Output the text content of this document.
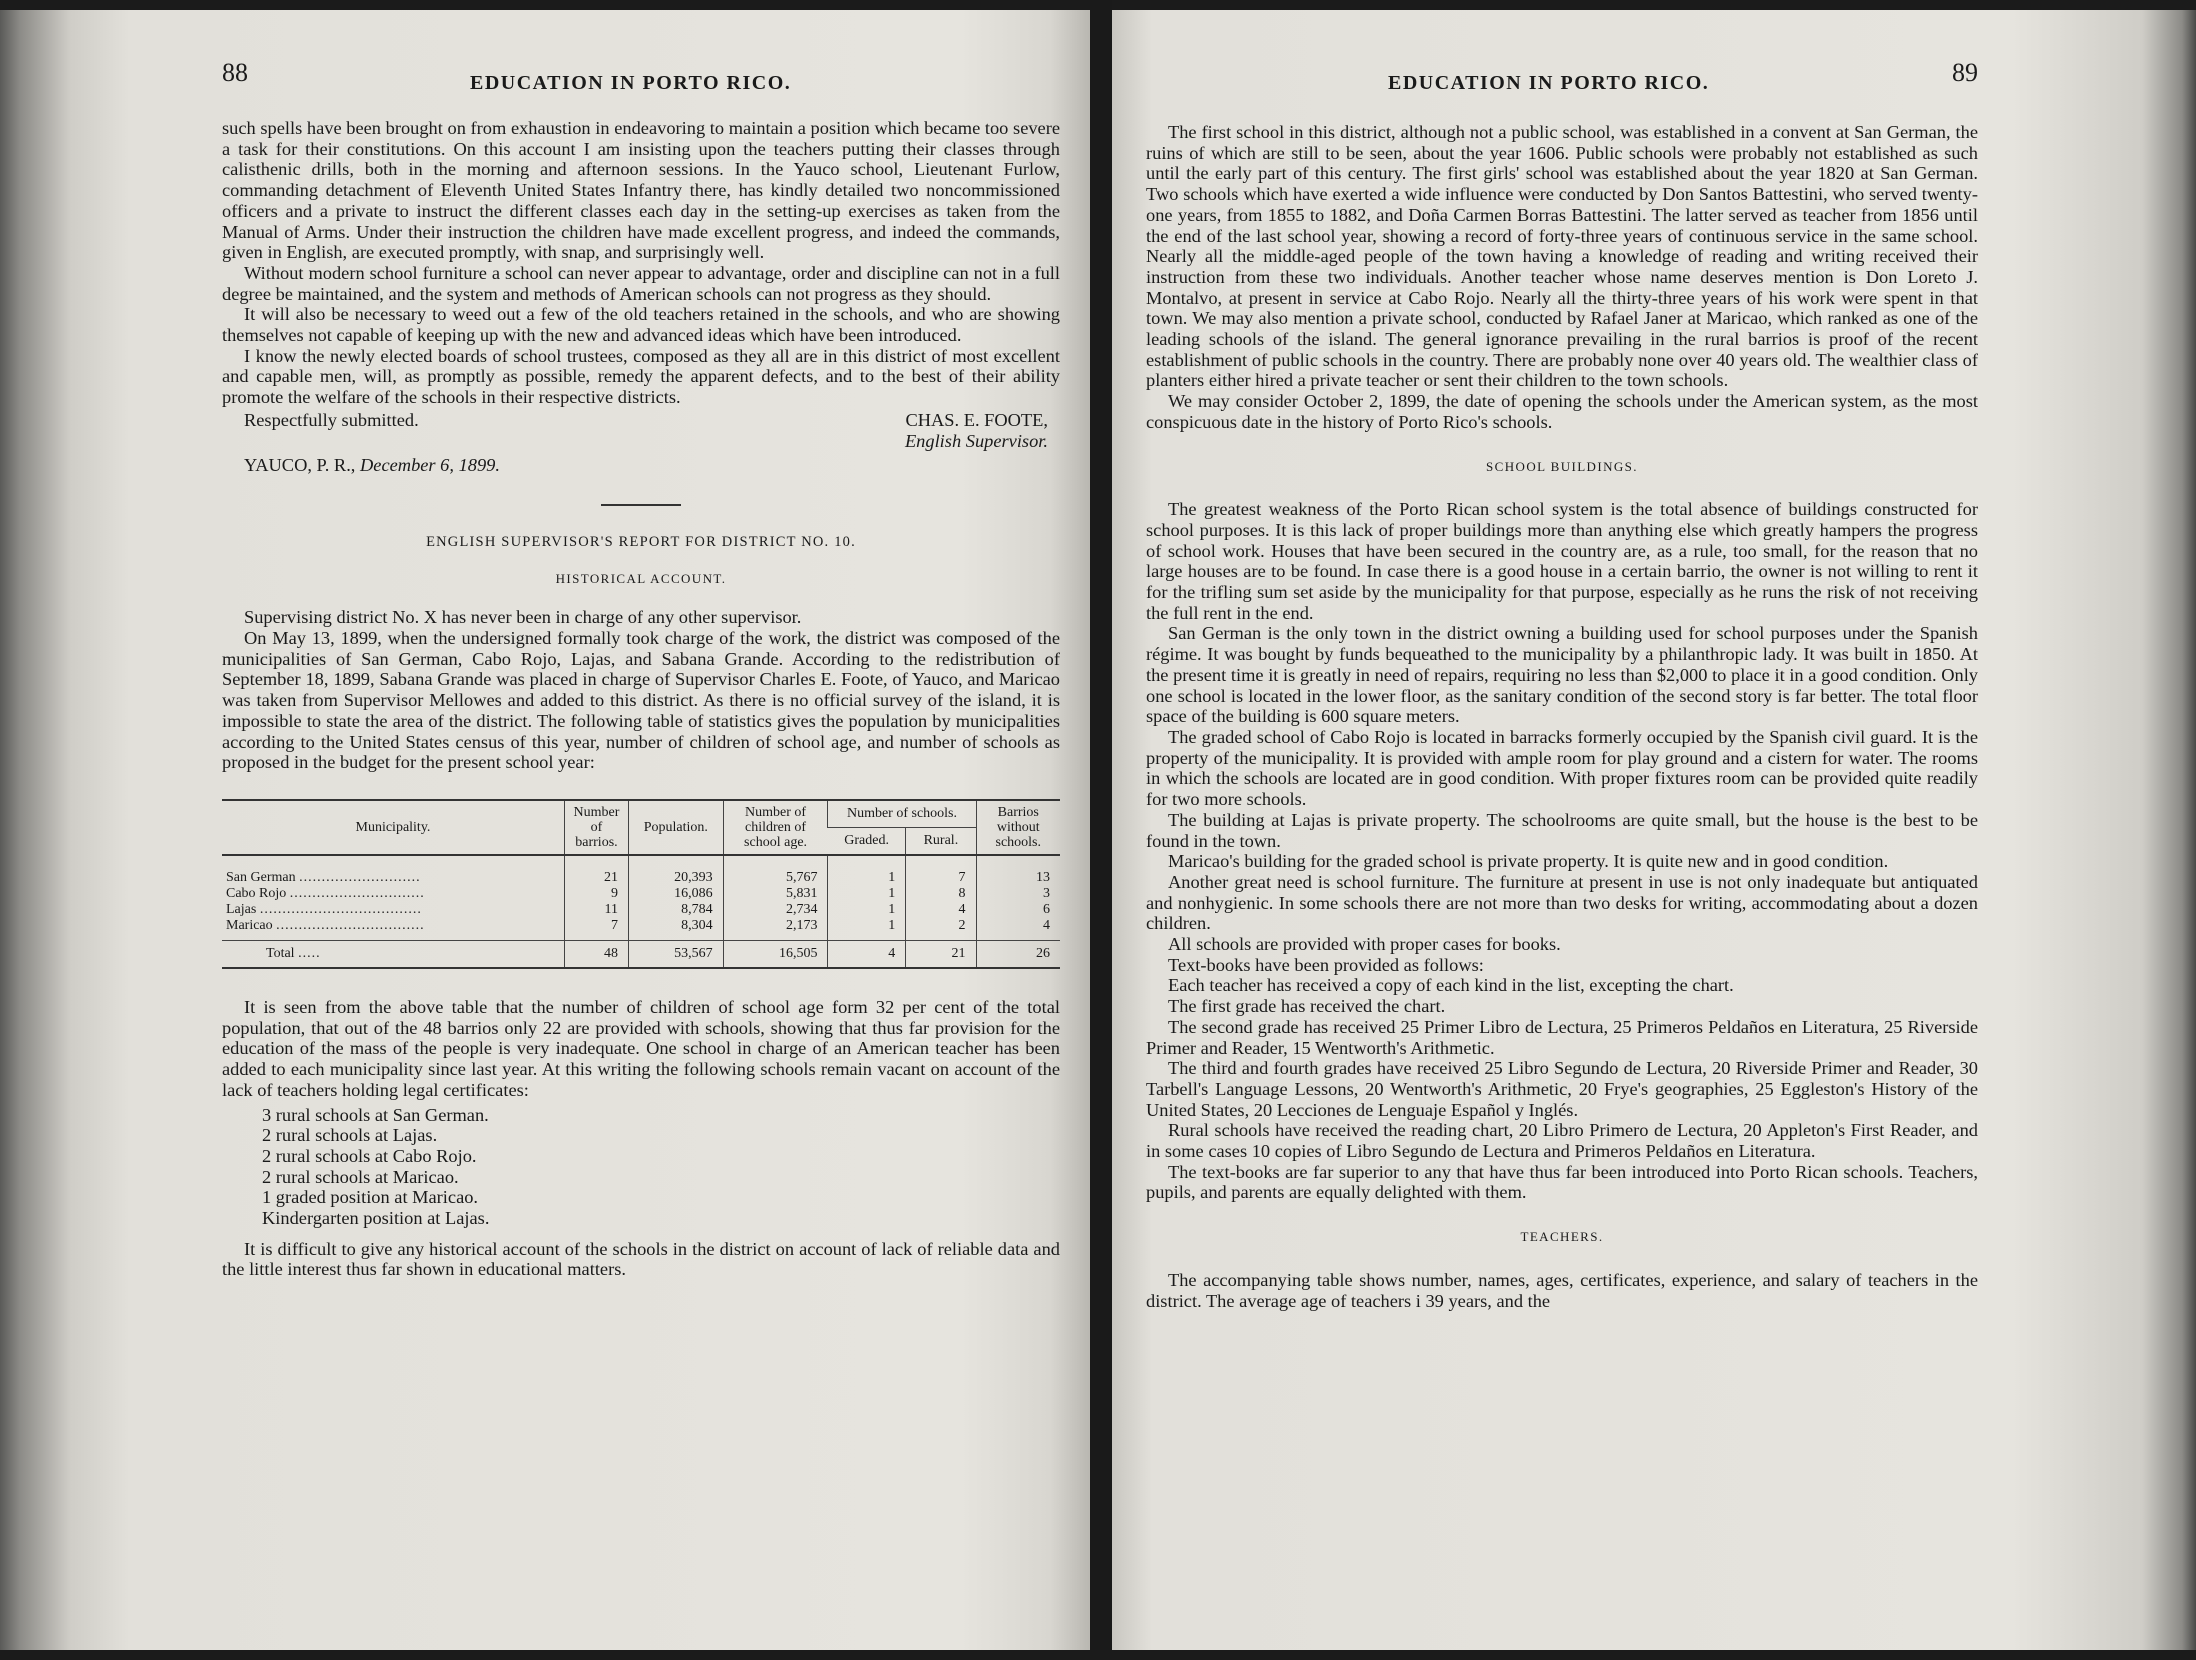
88	EDUCATION IN PORTO RICO.

such spells have been brought on from exhaustion in endeavoring to maintain a position which became too severe a task for their constitutions. On this account I am insisting upon the teachers putting their classes through calisthenic drills, both in the morning and afternoon sessions. In the Yauco school, Lieutenant Furlow, commanding detachment of Eleventh United States Infantry there, has kindly detailed two noncommissioned officers and a private to instruct the different classes each day in the setting-up exercises as taken from the Manual of Arms. Under their instruction the children have made excellent progress, and indeed the commands, given in English, are executed promptly, with snap, and surprisingly well.

Without modern school furniture a school can never appear to advantage, order and discipline can not in a full degree be maintained, and the system and methods of American schools can not progress as they should.

It will also be necessary to weed out a few of the old teachers retained in the schools, and who are showing themselves not capable of keeping up with the new and advanced ideas which have been introduced.

I know the newly elected boards of school trustees, composed as they all are in this district of most excellent and capable men, will, as promptly as possible, remedy the apparent defects, and to the best of their ability promote the welfare of the schools in their respective districts.

Respectfully submitted.	CHAS. E. FOOTE,
English Supervisor.
YAUCO, P. R., December 6, 1899.
ENGLISH SUPERVISOR'S REPORT FOR DISTRICT NO. 10.
HISTORICAL ACCOUNT.

Supervising district No. X has never been in charge of any other supervisor.

On May 13, 1899, when the undersigned formally took charge of the work, the district was composed of the municipalities of San German, Cabo Rojo, Lajas, and Sabana Grande. According to the redistribution of September 18, 1899, Sabana Grande was placed in charge of Supervisor Charles E. Foote, of Yauco, and Maricao was taken from Supervisor Mellowes and added to this district. As there is no official survey of the island, it is impossible to state the area of the district. The following table of statistics gives the population by municipalities according to the United States census of this year, number of children of school age, and number of schools as proposed in the budget for the present school year:

Municipality.	Number of barrios.	Population.	Number of children of school age.	Number of schools.		Barrios without schools.
				Graded.	Rural.	
San German ...........................	21	20,393	5,767	1	7	13
Cabo Rojo ..............................	9	16,086	5,831	1	8	3
Lajas ....................................	11	8,784	2,734	1	4	6
Maricao .................................	7	8,304	2,173	1	2	4
Total .....	48	53,567	16,505	4	21	26

It is seen from the above table that the number of children of school age form 32 per cent of the total population, that out of the 48 barrios only 22 are provided with schools, showing that thus far provision for the education of the mass of the people is very inadequate. One school in charge of an American teacher has been added to each municipality since last year. At this writing the following schools remain vacant on account of the lack of teachers holding legal certificates:

3 rural schools at San German.
2 rural schools at Lajas.
2 rural schools at Cabo Rojo.
2 rural schools at Maricao.
1 graded position at Maricao.
Kindergarten position at Lajas.

It is difficult to give any historical account of the schools in the district on account of lack of reliable data and the little interest thus far shown in educational matters.

EDUCATION IN PORTO RICO.	89

The first school in this district, although not a public school, was established in a convent at San German, the ruins of which are still to be seen, about the year 1606. Public schools were probably not established as such until the early part of this century. The first girls' school was established about the year 1820 at San German. Two schools which have exerted a wide influence were conducted by Don Santos Battestini, who served twenty-one years, from 1855 to 1882, and Doña Carmen Borras Battestini. The latter served as teacher from 1856 until the end of the last school year, showing a record of forty-three years of continuous service in the same school. Nearly all the middle-aged people of the town having a knowledge of reading and writing received their instruction from these two individuals. Another teacher whose name deserves mention is Don Loreto J. Montalvo, at present in service at Cabo Rojo. Nearly all the thirty-three years of his work were spent in that town. We may also mention a private school, conducted by Rafael Janer at Maricao, which ranked as one of the leading schools of the island. The general ignorance prevailing in the rural barrios is proof of the recent establishment of public schools in the country. There are probably none over 40 years old. The wealthier class of planters either hired a private teacher or sent their children to the town schools.

We may consider October 2, 1899, the date of opening the schools under the American system, as the most conspicuous date in the history of Porto Rico's schools.

SCHOOL BUILDINGS.

The greatest weakness of the Porto Rican school system is the total absence of buildings constructed for school purposes. It is this lack of proper buildings more than anything else which greatly hampers the progress of school work. Houses that have been secured in the country are, as a rule, too small, for the reason that no large houses are to be found. In case there is a good house in a certain barrio, the owner is not willing to rent it for the trifling sum set aside by the municipality for that purpose, especially as he runs the risk of not receiving the full rent in the end.

San German is the only town in the district owning a building used for school purposes under the Spanish régime. It was bought by funds bequeathed to the municipality by a philanthropic lady. It was built in 1850. At the present time it is greatly in need of repairs, requiring no less than $2,000 to place it in a good condition. Only one school is located in the lower floor, as the sanitary condition of the second story is far better. The total floor space of the building is 600 square meters.

The graded school of Cabo Rojo is located in barracks formerly occupied by the Spanish civil guard. It is the property of the municipality. It is provided with ample room for play ground and a cistern for water. The rooms in which the schools are located are in good condition. With proper fixtures room can be provided quite readily for two more schools.

The building at Lajas is private property. The schoolrooms are quite small, but the house is the best to be found in the town.

Maricao's building for the graded school is private property. It is quite new and in good condition.

Another great need is school furniture. The furniture at present in use is not only inadequate but antiquated and nonhygienic. In some schools there are not more than two desks for writing, accommodating about a dozen children.

All schools are provided with proper cases for books.

Text-books have been provided as follows:

Each teacher has received a copy of each kind in the list, excepting the chart.

The first grade has received the chart.

The second grade has received 25 Primer Libro de Lectura, 25 Primeros Peldaños en Literatura, 25 Riverside Primer and Reader, 15 Wentworth's Arithmetic.

The third and fourth grades have received 25 Libro Segundo de Lectura, 20 Riverside Primer and Reader, 30 Tarbell's Language Lessons, 20 Wentworth's Arithmetic, 20 Frye's geographies, 25 Eggleston's History of the United States, 20 Lecciones de Lenguaje Español y Inglés.

Rural schools have received the reading chart, 20 Libro Primero de Lectura, 20 Appleton's First Reader, and in some cases 10 copies of Libro Segundo de Lectura and Primeros Peldaños en Literatura.

The text-books are far superior to any that have thus far been introduced into Porto Rican schools. Teachers, pupils, and parents are equally delighted with them.

TEACHERS.

The accompanying table shows number, names, ages, certificates, experience, and salary of teachers in the district. The average age of teachers i 39 years, and the
